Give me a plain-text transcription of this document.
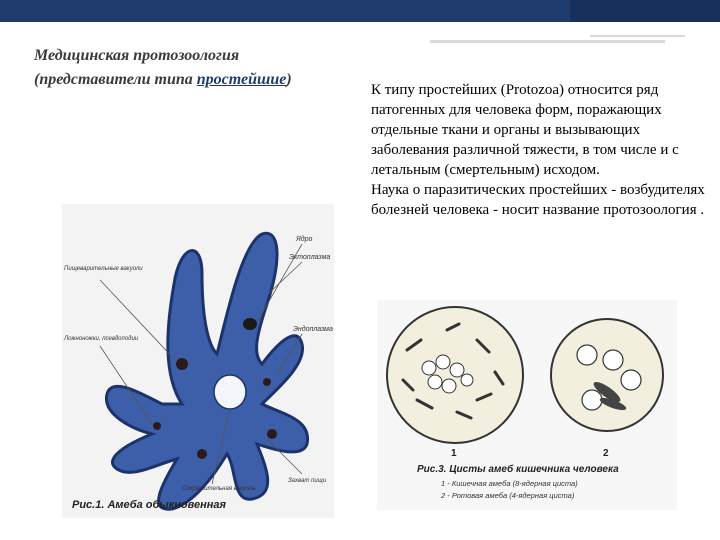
Медицинская протозоология
(представители типа простейшие)

К типу простейших (Protozoa) относится ряд патогенных для человека форм, поражающих отдельные ткани и органы и вызывающих заболевания различной тяжести, в том числе и с летальным (смертельным) исходом.

Наука о паразитических простейших - возбудителях болезней человека - носит название протозоология .

Ядро
Эктоплазма
Эндоплазма
Пищеварительные вакуоли
Ложноножки, псевдоподии
Сократительная вакуоль
Захват пищи
Рис.1. Амеба обыкновенная
1	2
Рис.3. Цисты амеб кишечника человека
1 - Кишечная амеба (8-ядерная циста)
2 - Ротовая амеба (4-ядерная циста)
